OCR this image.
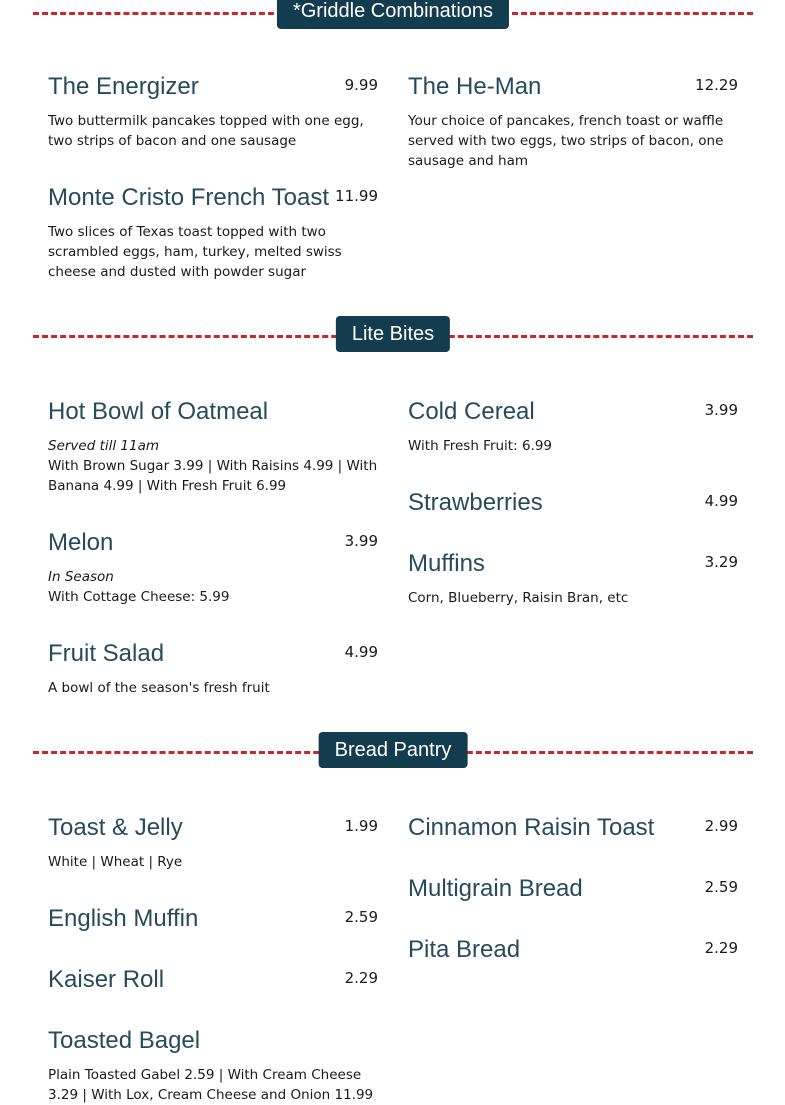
*Griddle Combinations
The Energizer	9.99
Two buttermilk pancakes topped with one egg, two strips of bacon and one sausage
The He-Man	12.29
Your choice of pancakes, french toast or waffle served with two eggs, two strips of bacon, one sausage and ham
Monte Cristo French Toast 11.99
Two slices of Texas toast topped with two scrambled eggs, ham, turkey, melted swiss cheese and dusted with powder sugar
Lite Bites
Hot Bowl of Oatmeal
Served till 11am
With Brown Sugar 3.99 | With Raisins 4.99 | With Banana 4.99 | With Fresh Fruit 6.99
Cold Cereal	3.99
With Fresh Fruit: 6.99
Strawberries	4.99
Melon	3.99
In Season
With Cottage Cheese: 5.99
Muffins	3.29
Corn, Blueberry, Raisin Bran, etc
Fruit Salad	4.99
A bowl of the season's fresh fruit
Bread Pantry
Toast & Jelly	1.99
White | Wheat | Rye
Cinnamon Raisin Toast	2.99
Multigrain Bread	2.59
English Muffin	2.59
Pita Bread	2.29
Kaiser Roll	2.29
Toasted Bagel
Plain Toasted Gabel 2.59 | With Cream Cheese 3.29 | With Lox, Cream Cheese and Onion 11.99
